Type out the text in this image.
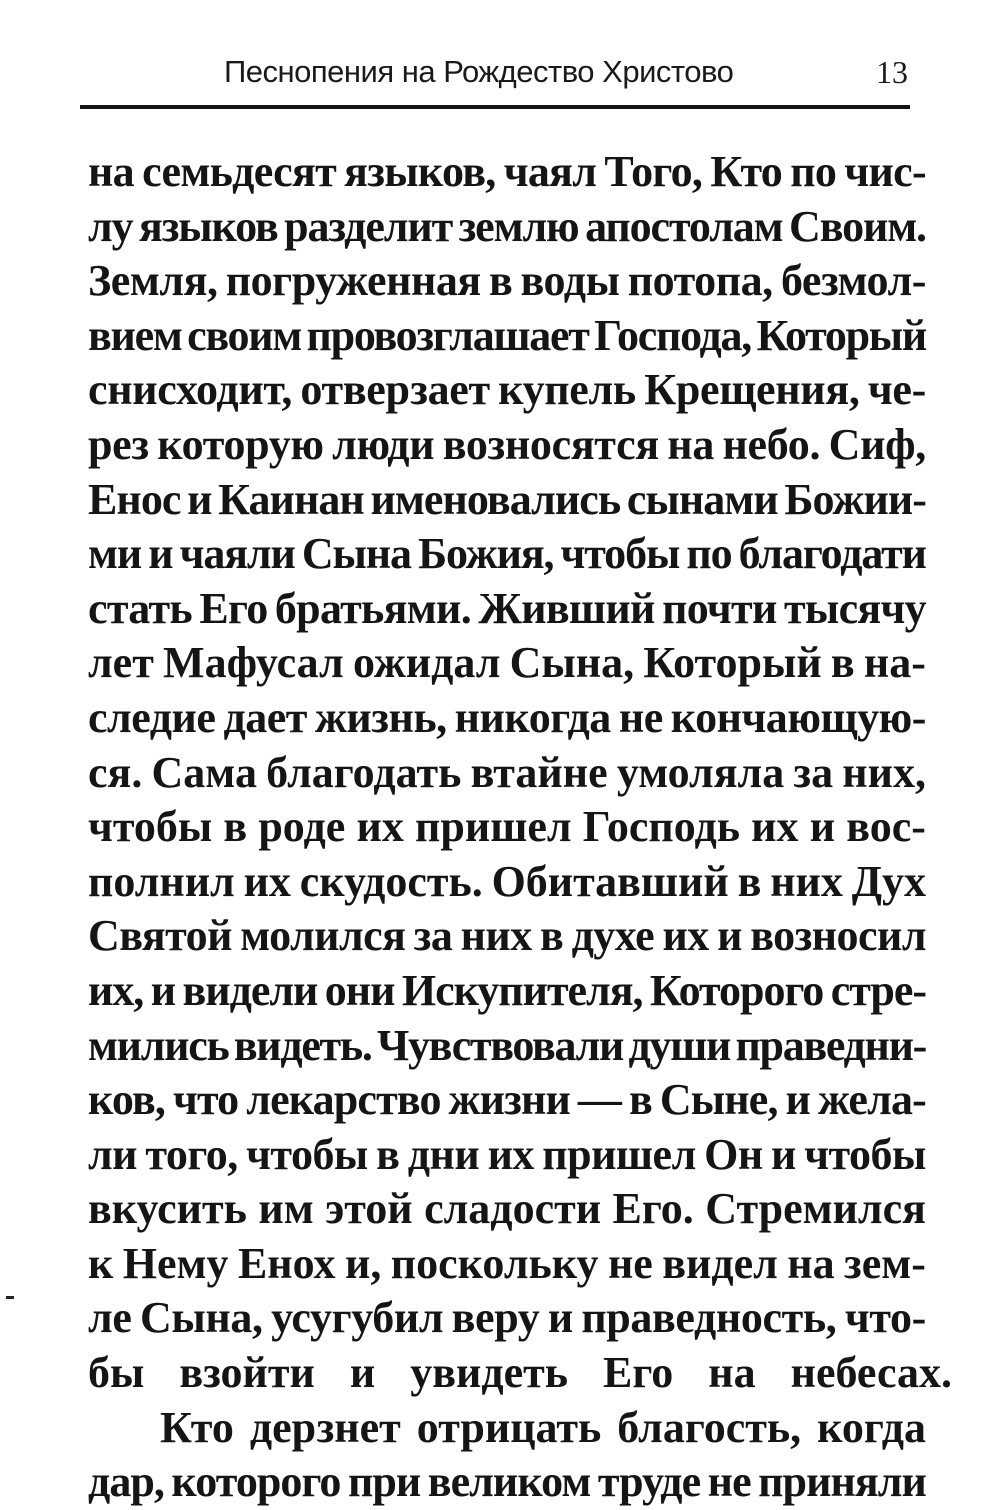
Песнопения на Рождество Христово	13
на семьдесят языков, чаял Того, Кто по чис-
лу языков разделит землю апостолам Своим.
Земля, погруженная в воды потопа, безмол-
вием своим провозглашает Господа, Который
снисходит, отверзает купель Крещения, че-
рез которую люди возносятся на небо. Сиф,
Енос и Каинан именовались сынами Божии-
ми и чаяли Сына Божия, чтобы по благодати
стать Его братьями. Живший почти тысячу
лет Мафусал ожидал Сына, Который в на-
следие дает жизнь, никогда не кончающую-
ся. Сама благодать втайне умоляла за них,
чтобы в роде их пришел Господь их и вос-
полнил их скудость. Обитавший в них Дух
Святой молился за них в духе их и возносил
их, и видели они Искупителя, Которого стре-
мились видеть. Чувствовали души праведни-
ков, что лекарство жизни — в Сыне, и жела-
ли того, чтобы в дни их пришел Он и чтобы
вкусить им этой сладости Его. Стремился
к Нему Енох и, поскольку не видел на зем-
ле Сына, усугубил веру и праведность, что-
бы
взойти
и
увидеть
Его
на
небесах.
Кто дерзнет отрицать благость, когда
дар, которого при великом труде не приняли
